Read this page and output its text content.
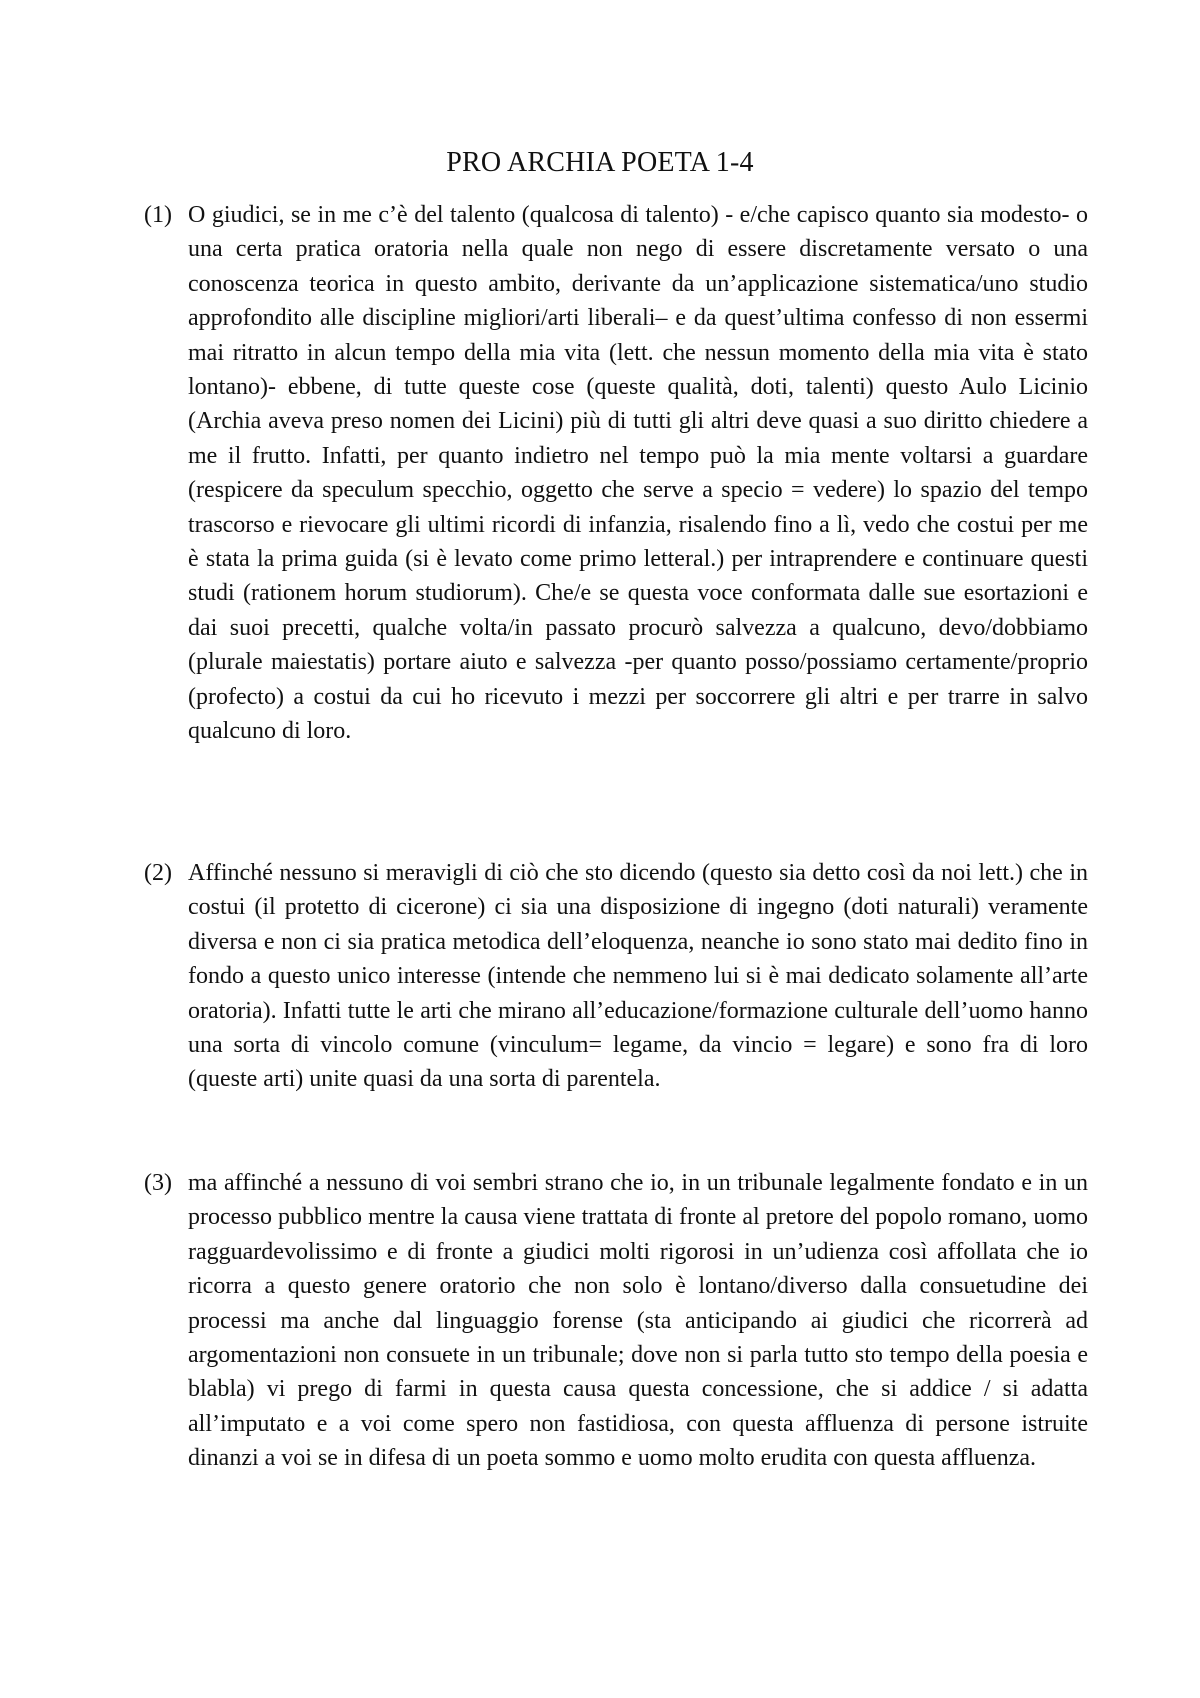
PRO ARCHIA POETA 1-4

(1) O giudici, se in me c’è del talento (qualcosa di talento) - e/che capisco quanto sia modesto- o una certa pratica oratoria nella quale non nego di essere discretamente versato o una conoscenza teorica in questo ambito, derivante da un’applicazione sistematica/uno studio approfondito alle discipline migliori/arti liberali– e da quest’ultima confesso di non essermi mai ritratto in alcun tempo della mia vita (lett. che nessun momento della mia vita è stato lontano)- ebbene, di tutte queste cose (queste qualità, doti, talenti) questo Aulo Licinio (Archia aveva preso nomen dei Licini) più di tutti gli altri deve quasi a suo diritto chiedere a me il frutto. Infatti, per quanto indietro nel tempo può la mia mente voltarsi a guardare (respicere da speculum specchio, oggetto che serve a specio = vedere) lo spazio del tempo trascorso e rievocare gli ultimi ricordi di infanzia, risalendo fino a lì, vedo che costui per me è stata la prima guida (si è levato come primo letteral.) per intraprendere e continuare questi studi (rationem horum studiorum). Che/e se questa voce conformata dalle sue esortazioni e dai suoi precetti, qualche volta/in passato procurò salvezza a qualcuno, devo/dobbiamo (plurale maiestatis) portare aiuto e salvezza -per quanto posso/possiamo certamente/proprio (profecto) a costui da cui ho ricevuto i mezzi per soccorrere gli altri e per trarre in salvo qualcuno di loro.

(2) Affinché nessuno si meravigli di ciò che sto dicendo (questo sia detto così da noi lett.) che in costui (il protetto di cicerone) ci sia una disposizione di ingegno (doti naturali) veramente diversa e non ci sia pratica metodica dell’eloquenza, neanche io sono stato mai dedito fino in fondo a questo unico interesse (intende che nemmeno lui si è mai dedicato solamente all’arte oratoria). Infatti tutte le arti che mirano all’educazione/formazione culturale dell’uomo hanno una sorta di vincolo comune (vinculum= legame, da vincio = legare) e sono fra di loro (queste arti) unite quasi da una sorta di parentela.

(3) ma affinché a nessuno di voi sembri strano che io, in un tribunale legalmente fondato e in un processo pubblico mentre la causa viene trattata di fronte al pretore del popolo romano, uomo ragguardevolissimo e di fronte a giudici molti rigorosi in un’udienza così affollata che io ricorra a questo genere oratorio che non solo è lontano/diverso dalla consuetudine dei processi ma anche dal linguaggio forense (sta anticipando ai giudici che ricorrerà ad argomentazioni non consuete in un tribunale; dove non si parla tutto sto tempo della poesia e blabla) vi prego di farmi in questa causa questa concessione, che si addice / si adatta all’imputato e a voi come spero non fastidiosa, con questa affluenza di persone istruite dinanzi a voi se in difesa di un poeta sommo e uomo molto erudita con questa affluenza.
